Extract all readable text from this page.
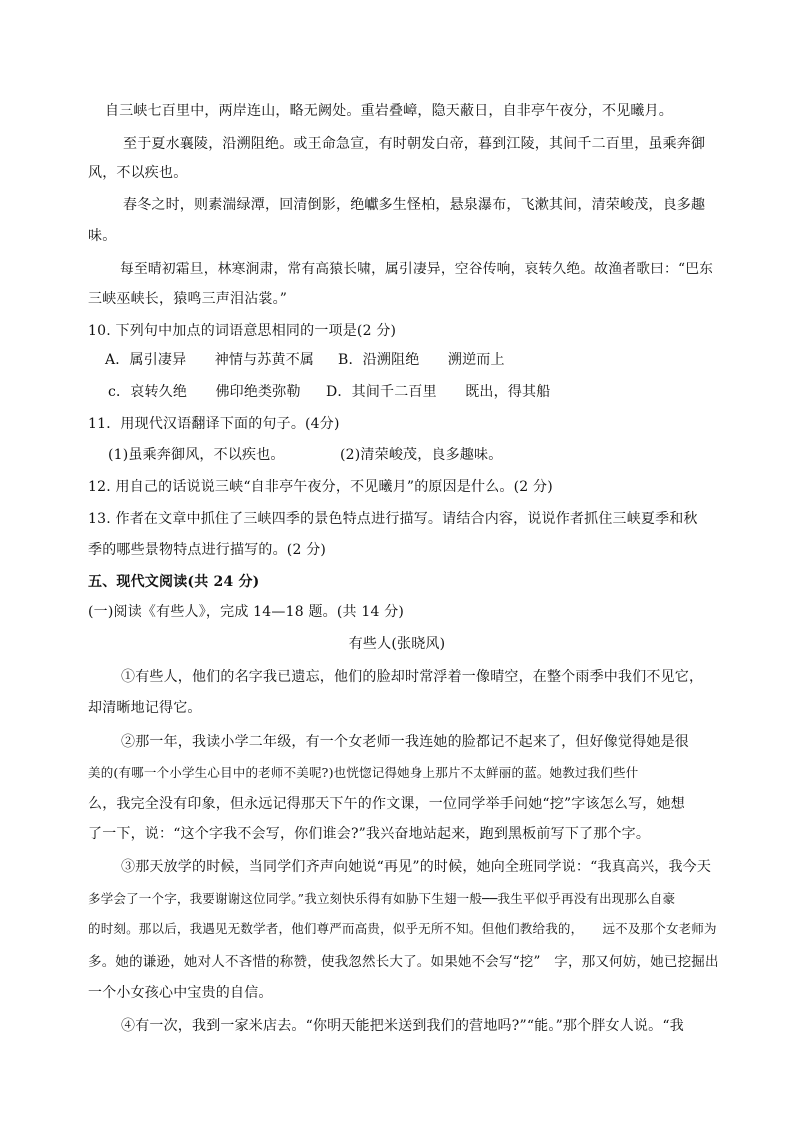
自三峡七百里中，两岸连山，略无阙处。重岩叠嶂，隐天蔽日，自非亭午夜分，不见曦月。
至于夏水襄陵，沿溯阻绝。或王命急宣，有时朝发白帝，暮到江陵，其间千二百里，虽乘奔御
风，不以疾也。
春冬之时，则素湍绿潭，回清倒影，绝巘多生怪柏，悬泉瀑布，飞漱其间，清荣峻茂，良多趣
味。
每至晴初霜旦，林寒涧肃，常有高猿长啸，属引凄异，空谷传响，哀转久绝。故渔者歌曰：“巴东
三峡巫峡长，猿鸣三声泪沾裳。”
10. 下列句中加点的词语意思相同的一项是(2 分)
A．属引凄异　　神情与苏黄不属 B．沿溯阻绝　　溯逆而上
c．哀转久绝　　佛印绝类弥勒 D．其间千二百里　　既出，得其船
11．用现代汉语翻译下面的句子。(4分)
(1)虽乘奔御风，不以疾也。	(2)清荣峻茂，良多趣味。
12. 用自己的话说说三峡“自非亭午夜分，不见曦月”的原因是什么。(2 分)
13. 作者在文章中抓住了三峡四季的景色特点进行描写。请结合内容，说说作者抓住三峡夏季和秋
季的哪些景物特点进行描写的。(2 分)
五、现代文阅读(共 24 分)
(一)阅读《有些人》，完成 14—18 题。(共 14 分)
有些人(张晓风)
①有些人，他们的名字我已遗忘，他们的脸却时常浮着一像晴空，在整个雨季中我们不见它，
却清晰地记得它。
②那一年，我读小学二年级，有一个女老师一我连她的脸都记不起来了，但好像觉得她是很
美的(有哪一个小学生心目中的老师不美呢?)也恍惚记得她身上那片不太鲜丽的蓝。她教过我们些什
么，我完全没有印象，但永远记得那天下午的作文课，一位同学举手问她“挖”字该怎么写，她想
了一下，说：“这个字我不会写，你们谁会?”我兴奋地站起来，跑到黑板前写下了那个字。
③那天放学的时候，当同学们齐声向她说“再见”的时候，她向全班同学说：“我真高兴，我今天
多学会了一个字，我要谢谢这位同学。”我立刻快乐得有如胁下生翅一般──我生平似乎再没有出现那么自豪
的时刻。那以后，我遇见无数学者，他们尊严而高贵，似乎无所不知。但他们教给我的，　　远不及那个女老师为
多。她的谦逊，她对人不吝惜的称赞，使我忽然长大了。如果她不会写“挖”　字，那又何妨，她已挖掘出
一个小女孩心中宝贵的自信。
④有一次，我到一家米店去。“你明天能把米送到我们的营地吗?”“能。”那个胖女人说。“我
